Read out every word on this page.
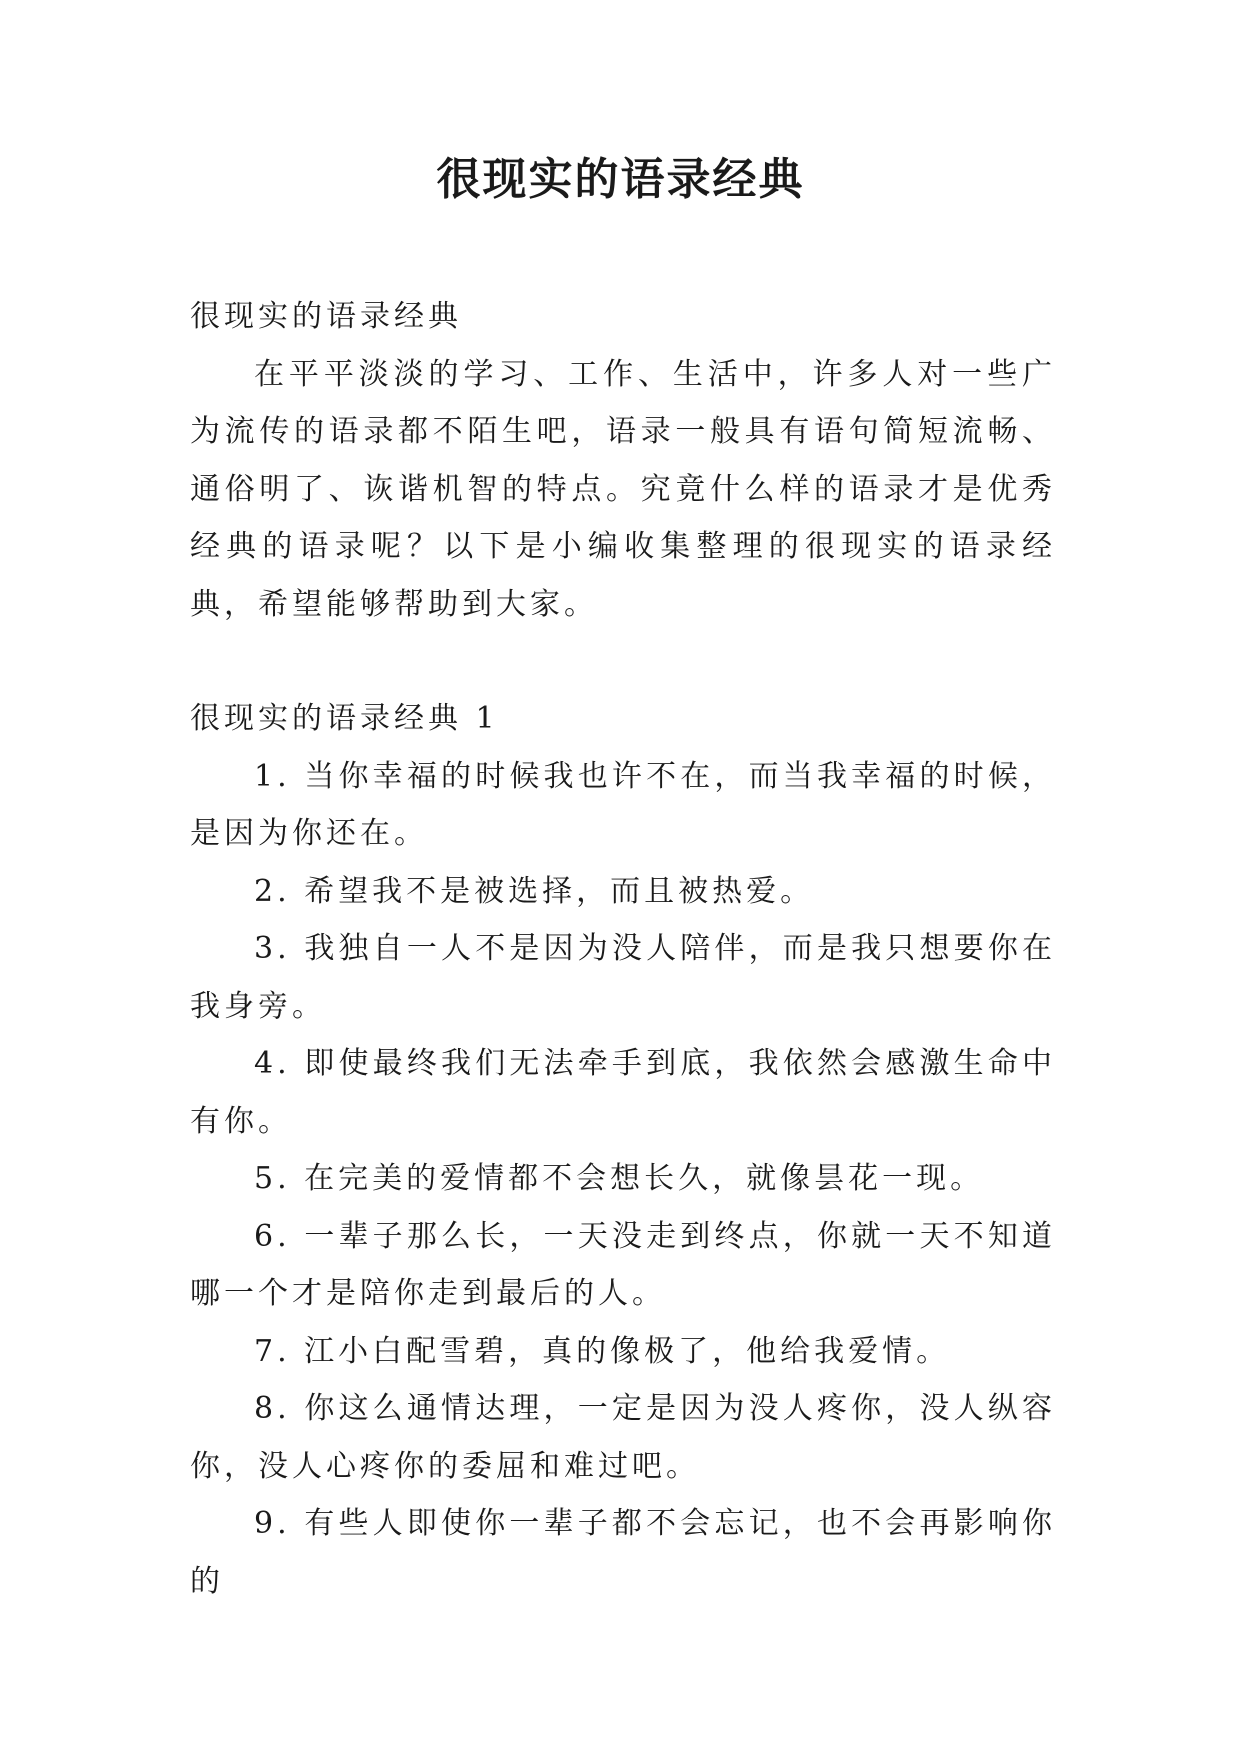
很现实的语录经典

很现实的语录经典

在平平淡淡的学习、工作、生活中，许多人对一些广为流传的语录都不陌生吧，语录一般具有语句简短流畅、通俗明了、诙谐机智的特点。究竟什么样的语录才是优秀经典的语录呢？以下是小编收集整理的很现实的语录经典，希望能够帮助到大家。

很现实的语录经典 1

1. 当你幸福的时候我也许不在，而当我幸福的时候，是因为你还在。

2. 希望我不是被选择，而且被热爱。

3. 我独自一人不是因为没人陪伴，而是我只想要你在我身旁。

4. 即使最终我们无法牵手到底，我依然会感激生命中有你。

5. 在完美的爱情都不会想长久，就像昙花一现。

6. 一辈子那么长，一天没走到终点，你就一天不知道哪一个才是陪你走到最后的人。

7. 江小白配雪碧，真的像极了，他给我爱情。

8. 你这么通情达理，一定是因为没人疼你，没人纵容你，没人心疼你的委屈和难过吧。

9. 有些人即使你一辈子都不会忘记，也不会再影响你的
